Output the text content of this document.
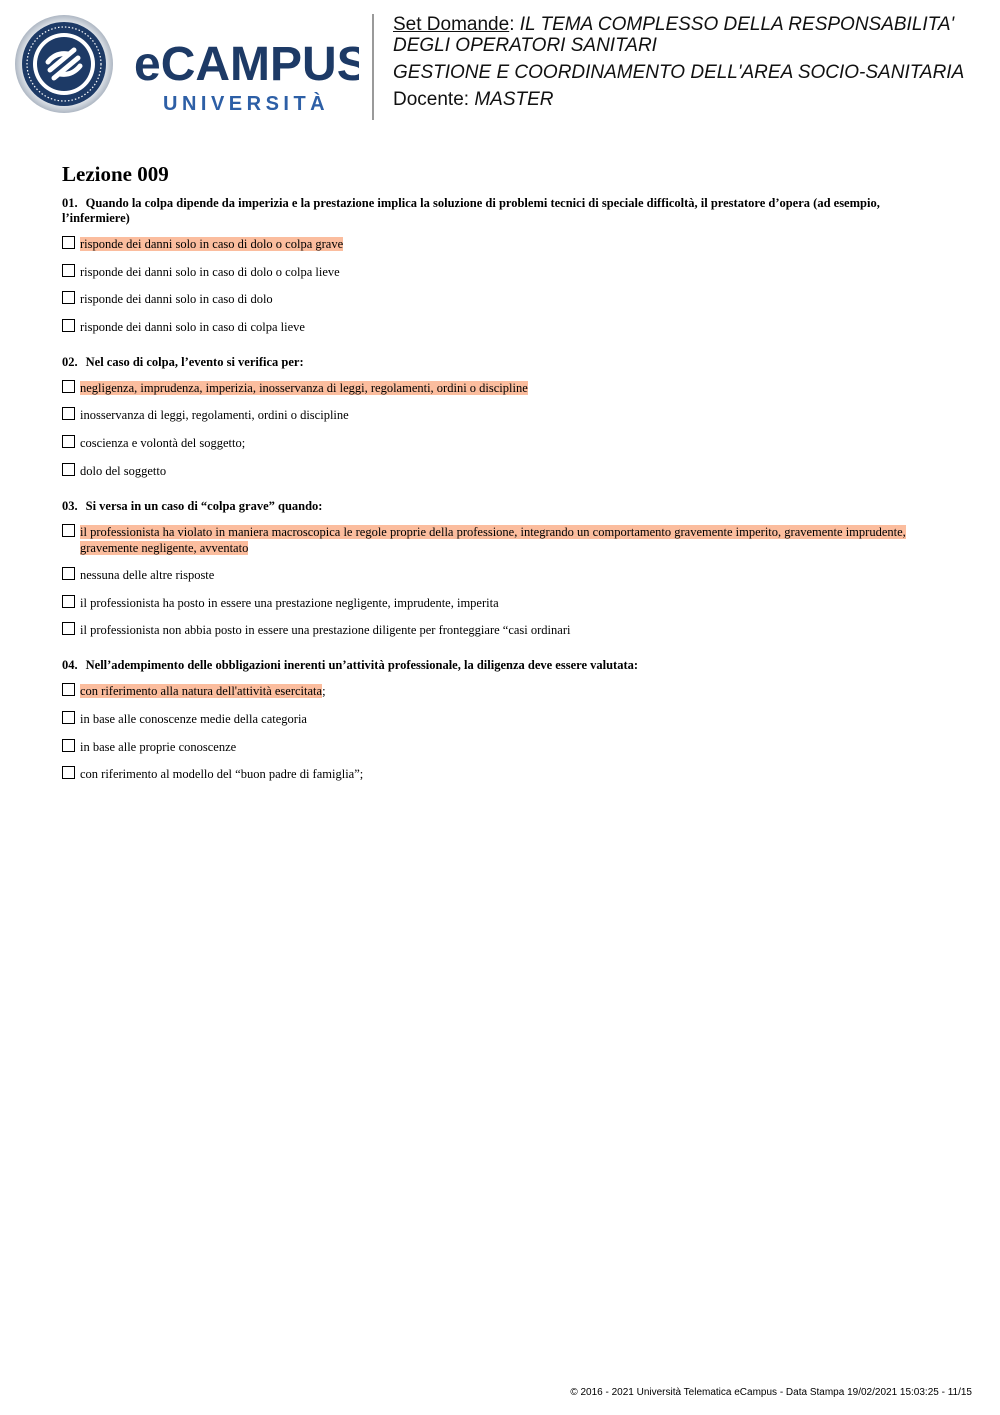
eCAMPUS
UNIVERSITÀ
Set Domande: IL TEMA COMPLESSO DELLA RESPONSABILITA'
DEGLI OPERATORI SANITARI
GESTIONE E COORDINAMENTO DELL'AREA SOCIO-SANITARIA
Docente: MASTER
Lezione 009
01. Quando la colpa dipende da imperizia e la prestazione implica la soluzione di problemi tecnici di speciale difficoltà, il prestatore d’opera (ad esempio, l’infermiere)
risponde dei danni solo in caso di dolo o colpa grave
risponde dei danni solo in caso di dolo o colpa lieve
risponde dei danni solo in caso di dolo
risponde dei danni solo in caso di colpa lieve
02. Nel caso di colpa, l’evento si verifica per:
negligenza, imprudenza, imperizia, inosservanza di leggi, regolamenti, ordini o discipline
inosservanza di leggi, regolamenti, ordini o discipline
coscienza e volontà del soggetto;
dolo del soggetto
03. Si versa in un caso di “colpa grave” quando:
il professionista ha violato in maniera macroscopica le regole proprie della professione, integrando un comportamento gravemente imperito, gravemente imprudente, gravemente negligente, avventato
nessuna delle altre risposte
il professionista ha posto in essere una prestazione negligente, imprudente, imperita
il professionista non abbia posto in essere una prestazione diligente per fronteggiare “casi ordinari
04. Nell’adempimento delle obbligazioni inerenti un’attività professionale, la diligenza deve essere valutata:
con riferimento alla natura dell'attività esercitata;
in base alle conoscenze medie della categoria
in base alle proprie conoscenze
con riferimento al modello del “buon padre di famiglia”;
© 2016 - 2021 Università Telematica eCampus - Data Stampa 19/02/2021 15:03:25 - 11/15
